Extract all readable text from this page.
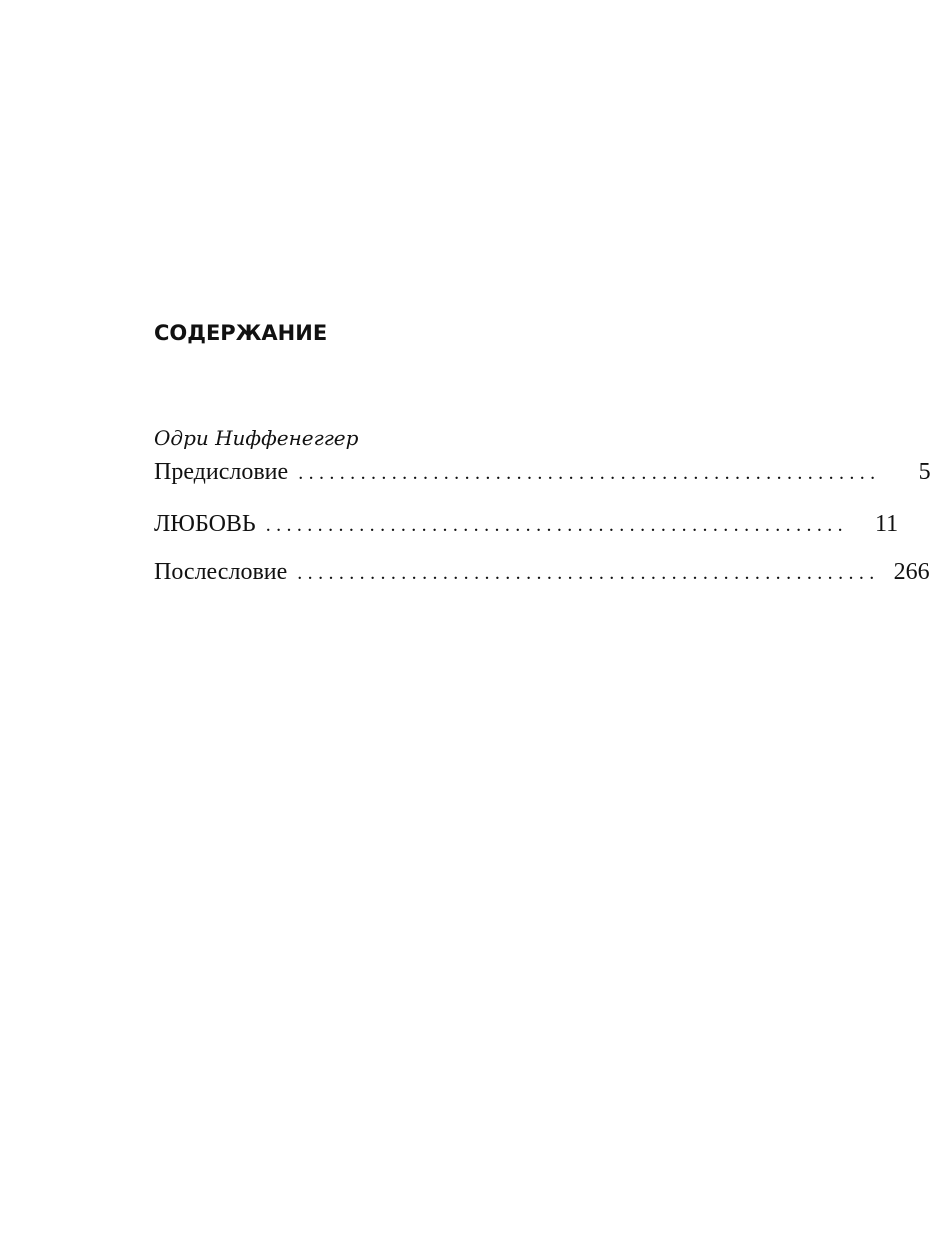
СОДЕРЖАНИЕ
Одри Ниффенеггер
Предисловие ........................................................	5
ЛЮБОВЬ ........................................................	11
Послесловие ........................................................ 266
